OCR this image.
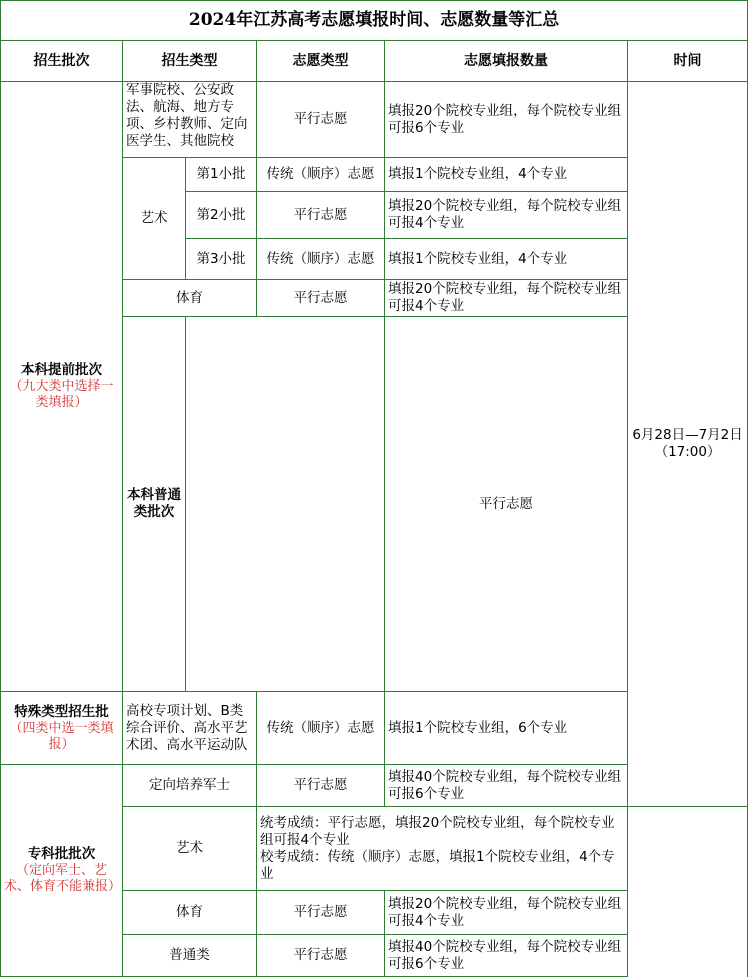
2024年江苏高考志愿填报时间、志愿数量等汇总						
招生批次	招生类型		志愿类型	志愿填报数量	时间	
本科提前批次
（九大类中选择一类填报）	军事院校、公安政法、航海、地方专项、乡村教师、定向医学生、其他院校		平行志愿	填报20个院校专业组，每个院校专业组可报6个专业	6月28日—7月2日（17:00）	
	艺术	第1小批	传统（顺序）志愿	填报1个院校专业组，4个专业		
		第2小批	平行志愿	填报20个院校专业组，每个院校专业组可报4个专业		
		第3小批	传统（顺序）志愿	填报1个院校专业组，4个专业		
	体育		平行志愿	填报20个院校专业组，每个院校专业组可报4个专业		
	本科普通类批次			平行志愿	
特殊类型招生批
（四类中选一类填报）	高校专项计划、B类综合评价、高水平艺术团、高水平运动队		传统（顺序）志愿	填报1个院校专业组，6个专业		
专科批批次
（定向军士、艺术、体育不能兼报）	定向培养军士		平行志愿	填报40个院校专业组，每个院校专业组可报6个专业	
	艺术		统考成绩：平行志愿，填报20个院校专业组，每个院校专业组可报4个专业
校考成绩：传统（顺序）志愿，填报1个院校专业组，4个专业			

	体育		平行志愿	填报20个院校专业组，每个院校专业组可报4个专业		
	普通类		平行志愿	填报40个院校专业组，每个院校专业组可报6个专业		
